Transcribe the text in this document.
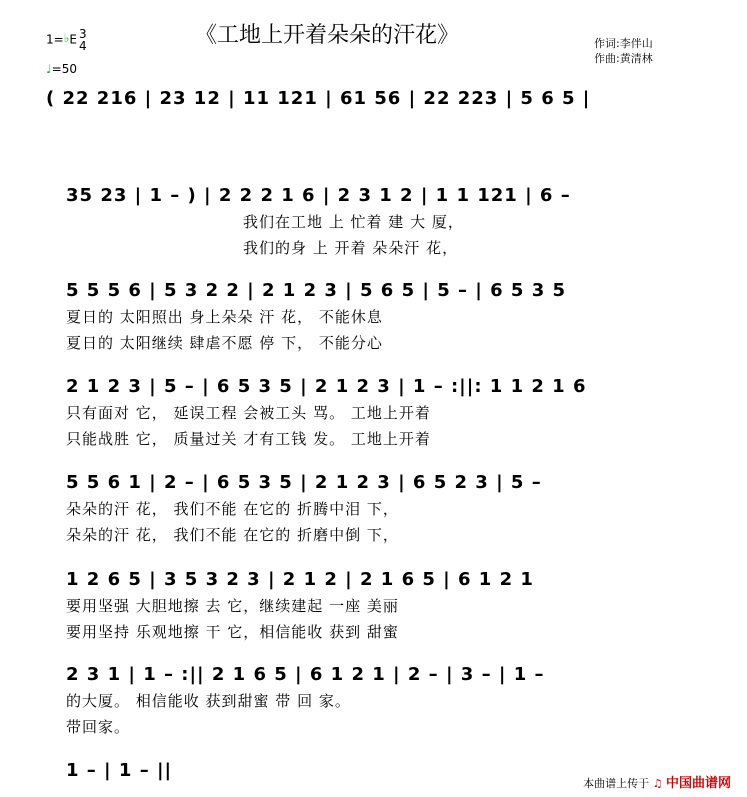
《工地上开着朵朵的汗花》	作词:李伴山
作曲:黄清林
1=♭E 3
4
♩=50
( 22 216 | 23 12 | 11 121 | 61 56 | 22 223 | 5 6 5 |
35 23 | 1 – ) | 2 2 2 1 6 | 2 3 1 2 | 1 1 121 | 6 –
我们在工地 上 忙着 建 大 厦，
我们的身 上 开着 朵朵汗 花，
5 5 5 6 | 5 3 2 2 | 2 1 2 3 | 5 6 5 | 5 – | 6 5 3 5
夏日的 太阳照出 身上朵朵 汗 花， 不能休息
夏日的 太阳继续 肆虐不愿 停 下， 不能分心
2 1 2 3 | 5 – | 6 5 3 5 | 2 1 2 3 | 1 – :||: 1 1 2 1 6
只有面对 它， 延误工程 会被工头 骂。 工地上开着
只能战胜 它， 质量过关 才有工钱 发。 工地上开着
5 5 6 1 | 2 – | 6 5 3 5 | 2 1 2 3 | 6 5 2 3 | 5 –
朵朵的汗 花， 我们不能 在它的 折腾中泪 下，
朵朵的汗 花， 我们不能 在它的 折磨中倒 下，
1 2 6 5 | 3 5 3 2 3 | 2 1 2 | 2 1 6 5 | 6 1 2 1
要用坚强 大胆地擦 去 它，继续建起 一座 美丽
要用坚持 乐观地擦 干 它，相信能收 获到 甜蜜
2 3 1 | 1 – :|| 2 1 6 5 | 6 1 2 1 | 2 – | 3 – | 1 –
的大厦。 相信能收 获到甜蜜 带 回 家。
带回家。
1 – | 1 – ||
本曲谱上传于 ♫ 中国曲谱网
